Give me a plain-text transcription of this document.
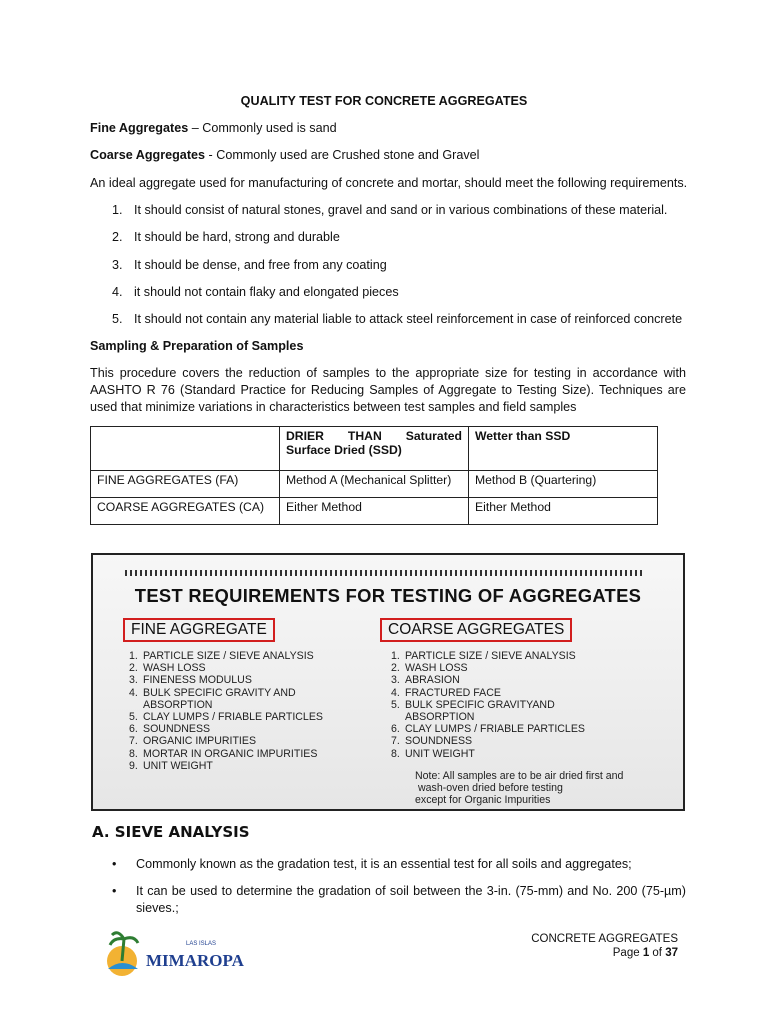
QUALITY TEST FOR CONCRETE AGGREGATES
Fine Aggregates – Commonly used is sand
Coarse Aggregates - Commonly used are Crushed stone and Gravel
An ideal aggregate used for manufacturing of concrete and mortar, should meet the following requirements.
1. It should consist of natural stones, gravel and sand or in various combinations of these material.
2. It should be hard, strong and durable
3. It should be dense, and free from any coating
4. it should not contain flaky and elongated pieces
5. It should not contain any material liable to attack steel reinforcement in case of reinforced concrete
Sampling & Preparation of Samples
This procedure covers the reduction of samples to the appropriate size for testing in accordance with AASHTO R 76 (Standard Practice for Reducing Samples of Aggregate to Testing Size). Techniques are used that minimize variations in characteristics between test samples and field samples
	DRIER THAN Saturated Surface Dried (SSD)	Wetter than SSD
FINE AGGREGATES (FA)	Method A (Mechanical Splitter)	Method B (Quartering)
COARSE AGGREGATES (CA)	Either Method	Either Method
TEST REQUIREMENTS FOR TESTING OF AGGREGATES
FINE AGGREGATE	COARSE AGGREGATES
1. PARTICLE SIZE / SIEVE ANALYSIS
2. WASH LOSS
3. FINENESS MODULUS
4. BULK SPECIFIC GRAVITY AND
ABSORPTION
5. CLAY LUMPS / FRIABLE PARTICLES
6. SOUNDNESS
7. ORGANIC IMPURITIES
8. MORTAR IN ORGANIC IMPURITIES
9. UNIT WEIGHT
1. PARTICLE SIZE / SIEVE ANALYSIS
2. WASH LOSS
3. ABRASION
4. FRACTURED FACE
5. BULK SPECIFIC GRAVITYAND
ABSORPTION
6. CLAY LUMPS / FRIABLE PARTICLES
7. SOUNDNESS
8. UNIT WEIGHT
Note: All samples are to be air dried first and
wash-oven dried before testing
except for Organic Impurities
A. SIEVE ANALYSIS
• Commonly known as the gradation test, it is an essential test for all soils and aggregates;
• It can be used to determine the gradation of soil between the 3-in. (75-mm) and No. 200 (75-µm) sieves.;
MIMAROPA
LAS ISLAS	CONCRETE AGGREGATES
Page 1 of 37
